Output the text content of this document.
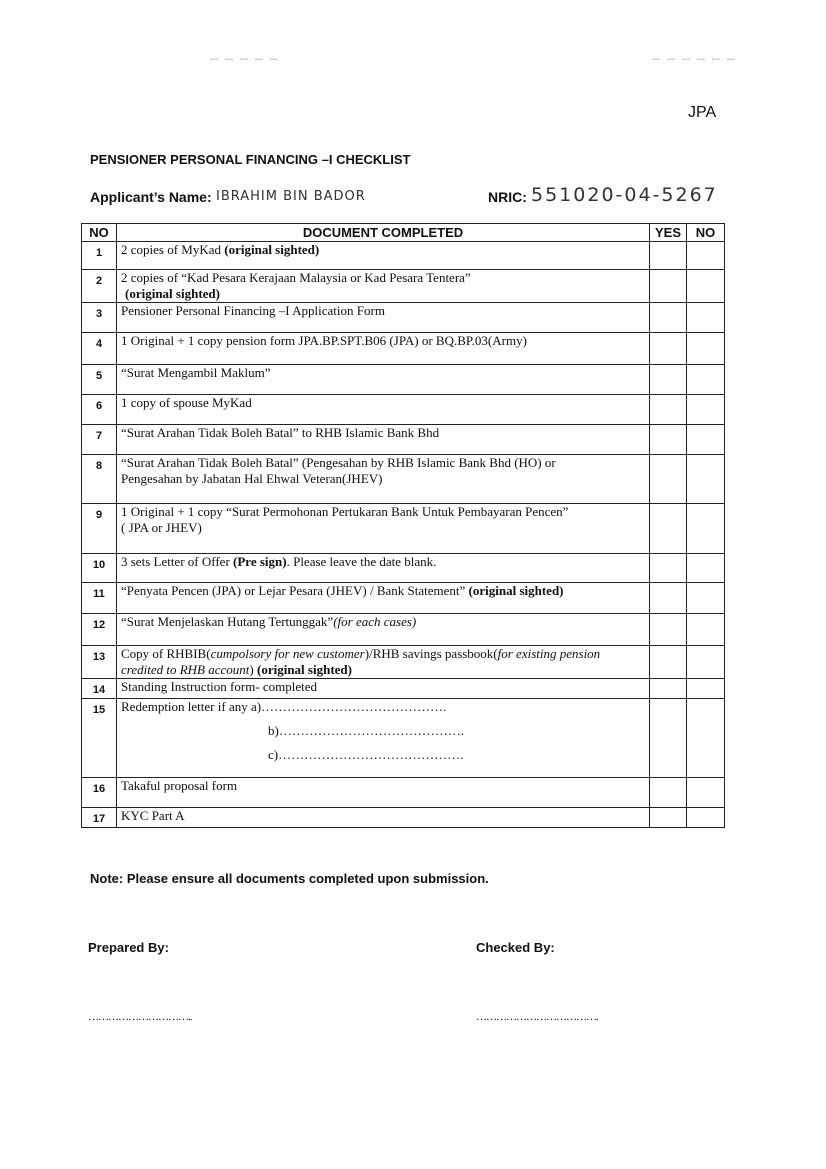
ꟷ ꟷ ꟷ ꟷ ꟷ	ꟷ ꟷ ꟷ ꟷ ꟷ ꟷ
JPA
PENSIONER PERSONAL FINANCING –I CHECKLIST
Applicant’s Name: IBRAHIM BIN BADOR	NRIC: 551020-04-5267
NO	DOCUMENT COMPLETED	YES	NO
1	2 copies of MyKad (original sighted)		

2	2 copies of “Kad Pesara Kerajaan Malaysia or Kad Pesara Tentera”
(original sighted)		

3	Pensioner Personal Financing –I Application Form		

4	1 Original + 1 copy pension form JPA.BP.SPT.B06 (JPA) or BQ.BP.03(Army)		

5	“Surat Mengambil Maklum”		

6	1 copy of spouse MyKad		

7	“Surat Arahan Tidak Boleh Batal” to RHB Islamic Bank Bhd		

8	“Surat Arahan Tidak Boleh Batal” (Pengesahan by RHB Islamic Bank Bhd (HO) or
Pengesahan by Jabatan Hal Ehwal Veteran(JHEV)		

9	1 Original + 1 copy “Surat Permohonan Pertukaran Bank Untuk Pembayaran Pencen”
( JPA or JHEV)		

10	3 sets Letter of Offer (Pre sign). Please leave the date blank.		

11	“Penyata Pencen (JPA) or Lejar Pesara (JHEV) / Bank Statement” (original sighted)		

12	“Surat Menjelaskan Hutang Tertunggak”(for each cases)		

13	Copy of RHBIB(cumpolsory for new customer)/RHB savings passbook(for existing pension
credited to RHB account) (original sighted)		

14	Standing Instruction form- completed		

15	Redemption letter if any a)…………………………………….
b)…………………………………….
c)…………………………………….		

16	Takaful proposal form		

17	KYC Part A		

Note: Please ensure all documents completed upon submission.
Prepared By:	Checked By:
…………………………..	……………………………….
